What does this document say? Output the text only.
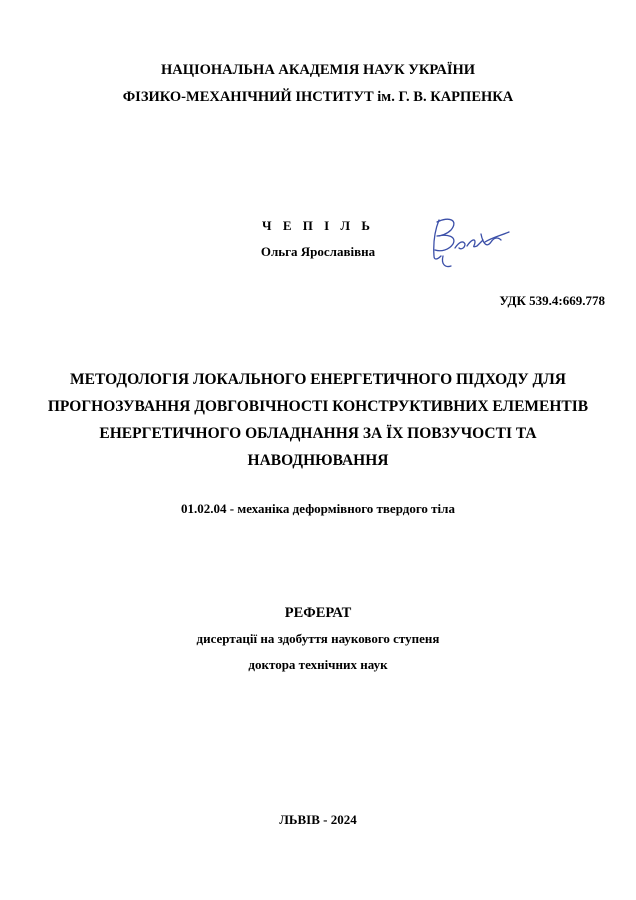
НАЦІОНАЛЬНА АКАДЕМІЯ НАУК УКРАЇНИ
ФІЗИКО-МЕХАНІЧНИЙ ІНСТИТУТ ім. Г. В. КАРПЕНКА
Ч Е П І Л Ь
Ольга Ярославівна
УДК 539.4:669.778
МЕТОДОЛОГІЯ ЛОКАЛЬНОГО ЕНЕРГЕТИЧНОГО ПІДХОДУ ДЛЯ
ПРОГНОЗУВАННЯ ДОВГОВІЧНОСТІ КОНСТРУКТИВНИХ ЕЛЕМЕНТІВ
ЕНЕРГЕТИЧНОГО ОБЛАДНАННЯ ЗА ЇХ ПОВЗУЧОСТІ ТА
НАВОДНЮВАННЯ
01.02.04 - механіка деформівного твердого тіла
РЕФЕРАТ
дисертації на здобуття наукового ступеня
доктора технічних наук
ЛЬВІВ - 2024
